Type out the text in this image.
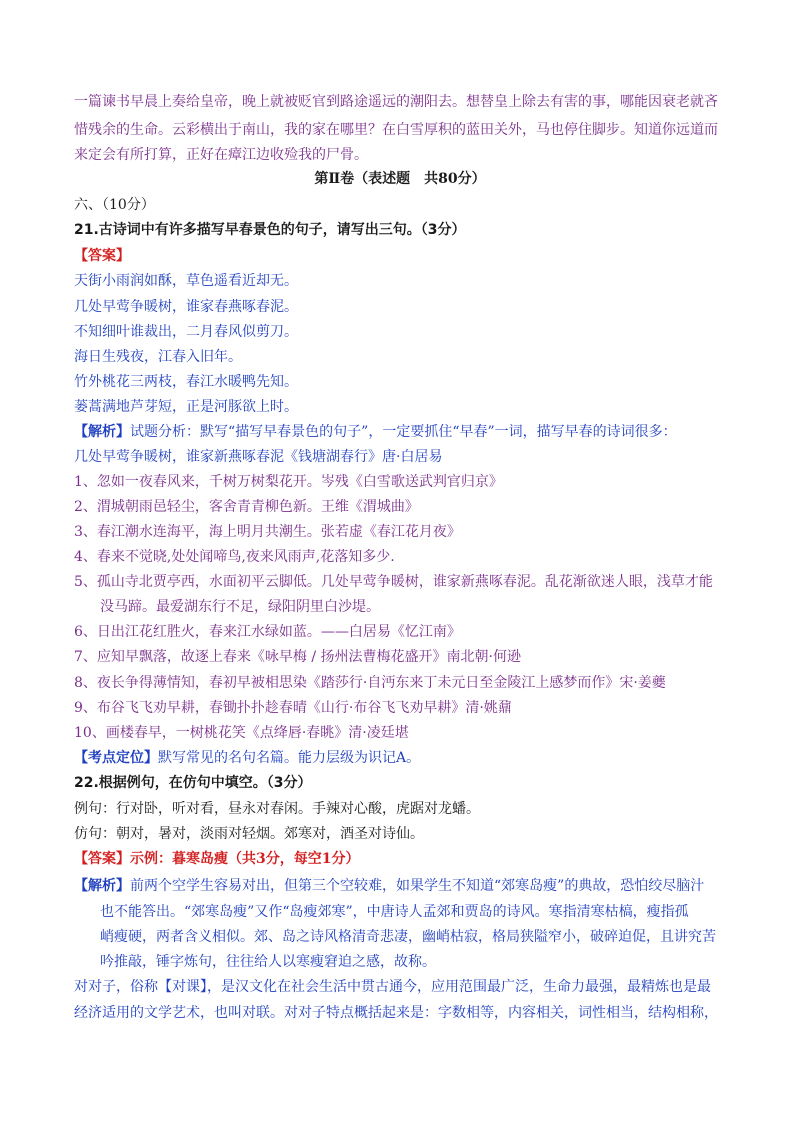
一篇谏书早晨上奏给皇帝，晚上就被贬官到路途遥远的潮阳去。想替皇上除去有害的事，哪能因衰老就吝
惜残余的生命。云彩横出于南山，我的家在哪里？在白雪厚积的蓝田关外，马也停住脚步。知道你远道而
来定会有所打算，正好在瘴江边收殓我的尸骨。
第Ⅱ卷（表述题　共80分）
六、（10分）
21.古诗词中有许多描写早春景色的句子，请写出三句。（3分）
【答案】
天街小雨润如酥，草色遥看近却无。
几处早莺争暖树，谁家春燕啄春泥。
不知细叶谁裁出，二月春风似剪刀。
海日生残夜，江春入旧年。
竹外桃花三两枝，春江水暖鸭先知。
蒌蒿满地芦芽短，正是河豚欲上时。
【解析】试题分析：默写“描写早春景色的句子”，一定要抓住“早春”一词，描写早春的诗词很多：
几处早莺争暖树，谁家新燕啄春泥《钱塘湖春行》唐·白居易
1、忽如一夜春风来，千树万树梨花开。岑残《白雪歌送武判官归京》
2、渭城朝雨邑轻尘，客舍青青柳色新。王维《渭城曲》
3、春江潮水连海平，海上明月共潮生。张若虚《春江花月夜》
4、春来不觉晓,处处闻啼鸟,夜来风雨声,花落知多少.
5、孤山寺北贾亭西，水面初平云脚低。几处早莺争暖树，谁家新燕啄春泥。乱花渐欲迷人眼，浅草才能
没马蹄。最爱湖东行不足，绿阳阴里白沙堤。
6、日出江花红胜火，春来江水绿如蓝。——白居易《忆江南》
7、应知早飘落，故逐上春来《咏早梅 / 扬州法曹梅花盛开》南北朝·何逊
8、夜长争得薄情知，春初早被相思染《踏莎行·自沔东来丁未元日至金陵江上感梦而作》宋·姜夔
9、布谷飞飞劝早耕，春锄扑扑趁春晴《山行·布谷飞飞劝早耕》清·姚鼐
10、画楼春早，一树桃花笑《点绛唇·春眺》清·凌廷堪
【考点定位】默写常见的名句名篇。能力层级为识记A。
22.根据例句，在仿句中填空。（3分）
例句：行对卧，听对看，昼永对春闲。手辣对心酸，虎踞对龙蟠。
仿句：朝对，暑对，淡雨对轻烟。郊寒对，酒圣对诗仙。
【答案】示例：暮寒岛瘦（共3分，每空1分）
【解析】前两个空学生容易对出，但第三个空较难，如果学生不知道“郊寒岛瘦”的典故，恐怕绞尽脑汁
也不能答出。“郊寒岛瘦”又作“岛瘦郊寒”，中唐诗人孟郊和贾岛的诗风。寒指清寒枯槁，瘦指孤
峭瘦硬，两者含义相似。郊、岛之诗风格清奇悲凄，幽峭枯寂，格局狭隘窄小，破碎迫促，且讲究苦
吟推敲，锤字炼句，往往给人以寒瘦窘迫之感，故称。
对对子，俗称【对课】，是汉文化在社会生活中贯古通今，应用范围最广泛，生命力最强，最精炼也是最
经济适用的文学艺术，也叫对联。对对子特点概括起来是：字数相等，内容相关，词性相当，结构相称，
